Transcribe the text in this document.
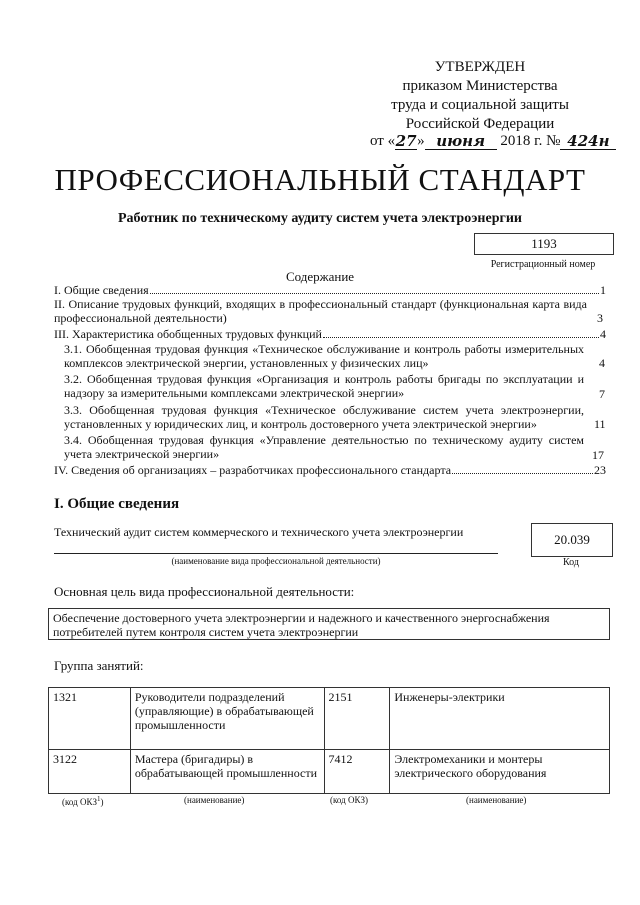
УТВЕРЖДЕН
приказом Министерства
труда и социальной защиты
Российской Федерации
от «27» июня 2018 г. № 424н
ПРОФЕССИОНАЛЬНЫЙ СТАНДАРТ
Работник по техническому аудиту систем учета электроэнергии
1193
Регистрационный номер
Содержание
I. Общие сведения	1
II. Описание трудовых функций, входящих в профессиональный стандарт (функциональная карта вида профессиональной деятельности)	3
III. Характеристика обобщенных трудовых функций	4
3.1. Обобщенная трудовая функция «Техническое обслуживание и контроль работы измерительных комплексов электрической энергии, установленных у физических лиц»	4
3.2. Обобщенная трудовая функция «Организация и контроль работы бригады по эксплуатации и надзору за измерительными комплексами электрической энергии»	7
3.3. Обобщенная трудовая функция «Техническое обслуживание систем учета электроэнергии, установленных у юридических лиц, и контроль достоверного учета электрической энергии»	11
3.4. Обобщенная трудовая функция «Управление деятельностью по техническому аудиту систем учета электрической энергии»	17
IV. Сведения об организациях – разработчиках профессионального стандарта	23
I. Общие сведения
Технический аудит систем коммерческого и технического учета электроэнергии
(наименование вида профессиональной деятельности)
20.039
Код
Основная цель вида профессиональной деятельности:
Обеспечение достоверного учета электроэнергии и надежного и качественного энергоснабжения потребителей путем контроля систем учета электроэнергии
Группа занятий:
1321	Руководители подразделений (управляющие) в обрабатывающей промышленности	2151	Инженеры-электрики
3122	Мастера (бригадиры) в обрабатывающей промышленности	7412	Электромеханики и монтеры электрического оборудования
(код ОКЗ$^1$)	(наименование)	(код ОКЗ)	(наименование)
